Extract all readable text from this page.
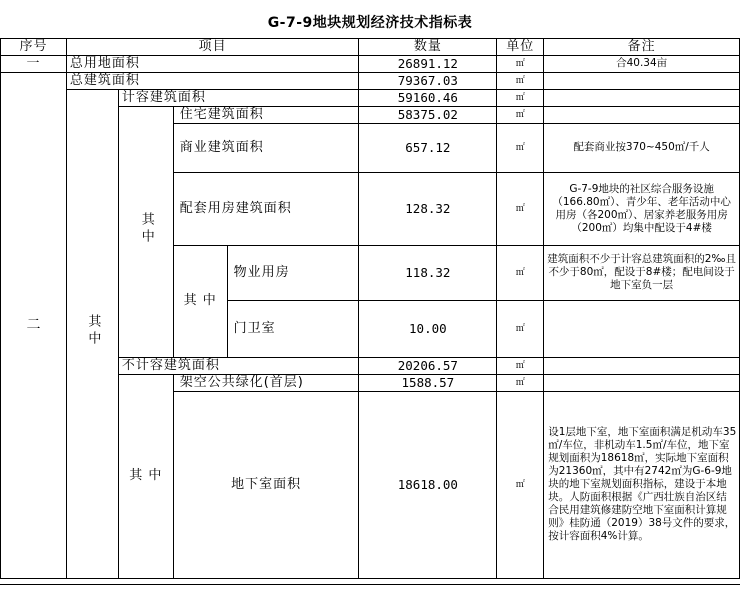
G-7-9地块规划经济技术指标表							
序号	项目				数量	单位	备注
一	总用地面积				26891.12	㎡	合40.34亩
二	总建筑面积				79367.03	㎡	
	其中	计容建筑面积			59160.46	㎡	
		其中	住宅建筑面积		58375.02	㎡	
			商业建筑面积		657.12	㎡	配套商业按370~450㎡/千人
			配套用房建筑面积		128.32	㎡	G-7-9地块的社区综合服务设施（166.80㎡）、青少年、老年活动中心用房（各200㎡）、居家养老服务用房（200㎡）均集中配设于4#楼
			其 中	物业用房	118.32	㎡	建筑面积不少于计容总建筑面积的2‰且不少于80㎡，配设于8#楼；配电间设于地下室负一层
				门卫室	10.00	㎡	
		不计容建筑面积			20206.57	㎡	
		其 中	架空公共绿化(首层)		1588.57	㎡	
			地下室面积		18618.00	㎡	设1层地下室，地下室面积满足机动车35㎡/车位，非机动车1.5㎡/车位，地下室规划面积为18618㎡，实际地下室面积为21360㎡，其中有2742㎡为G-6-9地块的地下室规划面积指标，建设于本地块。人防面积根据《广西壮族自治区结合民用建筑修建防空地下室面积计算规则》桂防通（2019）38号文件的要求，按计容面积4%计算。
